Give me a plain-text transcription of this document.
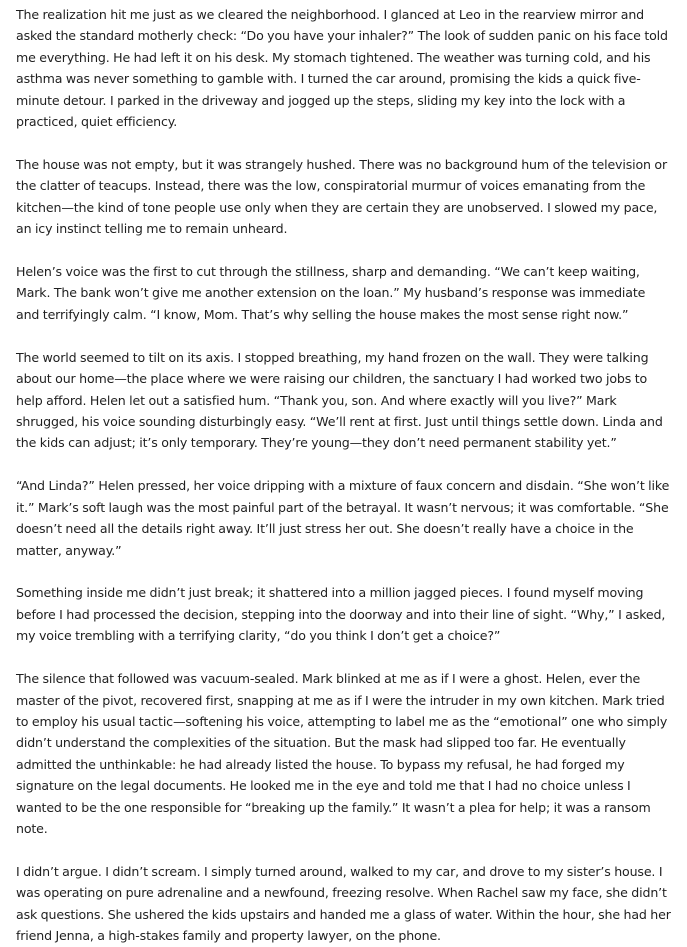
The realization hit me just as we cleared the neighborhood. I glanced at Leo in the rearview mirror and asked the standard motherly check: “Do you have your inhaler?” The look of sudden panic on his face told me everything. He had left it on his desk. My stomach tightened. The weather was turning cold, and his asthma was never something to gamble with. I turned the car around, promising the kids a quick five-minute detour. I parked in the driveway and jogged up the steps, sliding my key into the lock with a practiced, quiet efficiency.

The house was not empty, but it was strangely hushed. There was no background hum of the television or the clatter of teacups. Instead, there was the low, conspiratorial murmur of voices emanating from the kitchen—the kind of tone people use only when they are certain they are unobserved. I slowed my pace, an icy instinct telling me to remain unheard.

Helen’s voice was the first to cut through the stillness, sharp and demanding. “We can’t keep waiting, Mark. The bank won’t give me another extension on the loan.” My husband’s response was immediate and terrifyingly calm. “I know, Mom. That’s why selling the house makes the most sense right now.”

The world seemed to tilt on its axis. I stopped breathing, my hand frozen on the wall. They were talking about our home—the place where we were raising our children, the sanctuary I had worked two jobs to help afford. Helen let out a satisfied hum. “Thank you, son. And where exactly will you live?” Mark shrugged, his voice sounding disturbingly easy. “We’ll rent at first. Just until things settle down. Linda and the kids can adjust; it’s only temporary. They’re young—they don’t need permanent stability yet.”

“And Linda?” Helen pressed, her voice dripping with a mixture of faux concern and disdain. “She won’t like it.” Mark’s soft laugh was the most painful part of the betrayal. It wasn’t nervous; it was comfortable. “She doesn’t need all the details right away. It’ll just stress her out. She doesn’t really have a choice in the matter, anyway.”

Something inside me didn’t just break; it shattered into a million jagged pieces. I found myself moving before I had processed the decision, stepping into the doorway and into their line of sight. “Why,” I asked, my voice trembling with a terrifying clarity, “do you think I don’t get a choice?”

The silence that followed was vacuum-sealed. Mark blinked at me as if I were a ghost. Helen, ever the master of the pivot, recovered first, snapping at me as if I were the intruder in my own kitchen. Mark tried to employ his usual tactic—softening his voice, attempting to label me as the “emotional” one who simply didn’t understand the complexities of the situation. But the mask had slipped too far. He eventually admitted the unthinkable: he had already listed the house. To bypass my refusal, he had forged my signature on the legal documents. He looked me in the eye and told me that I had no choice unless I wanted to be the one responsible for “breaking up the family.” It wasn’t a plea for help; it was a ransom note.

I didn’t argue. I didn’t scream. I simply turned around, walked to my car, and drove to my sister’s house. I was operating on pure adrenaline and a newfound, freezing resolve. When Rachel saw my face, she didn’t ask questions. She ushered the kids upstairs and handed me a glass of water. Within the hour, she had her friend Jenna, a high-stakes family and property lawyer, on the phone.
